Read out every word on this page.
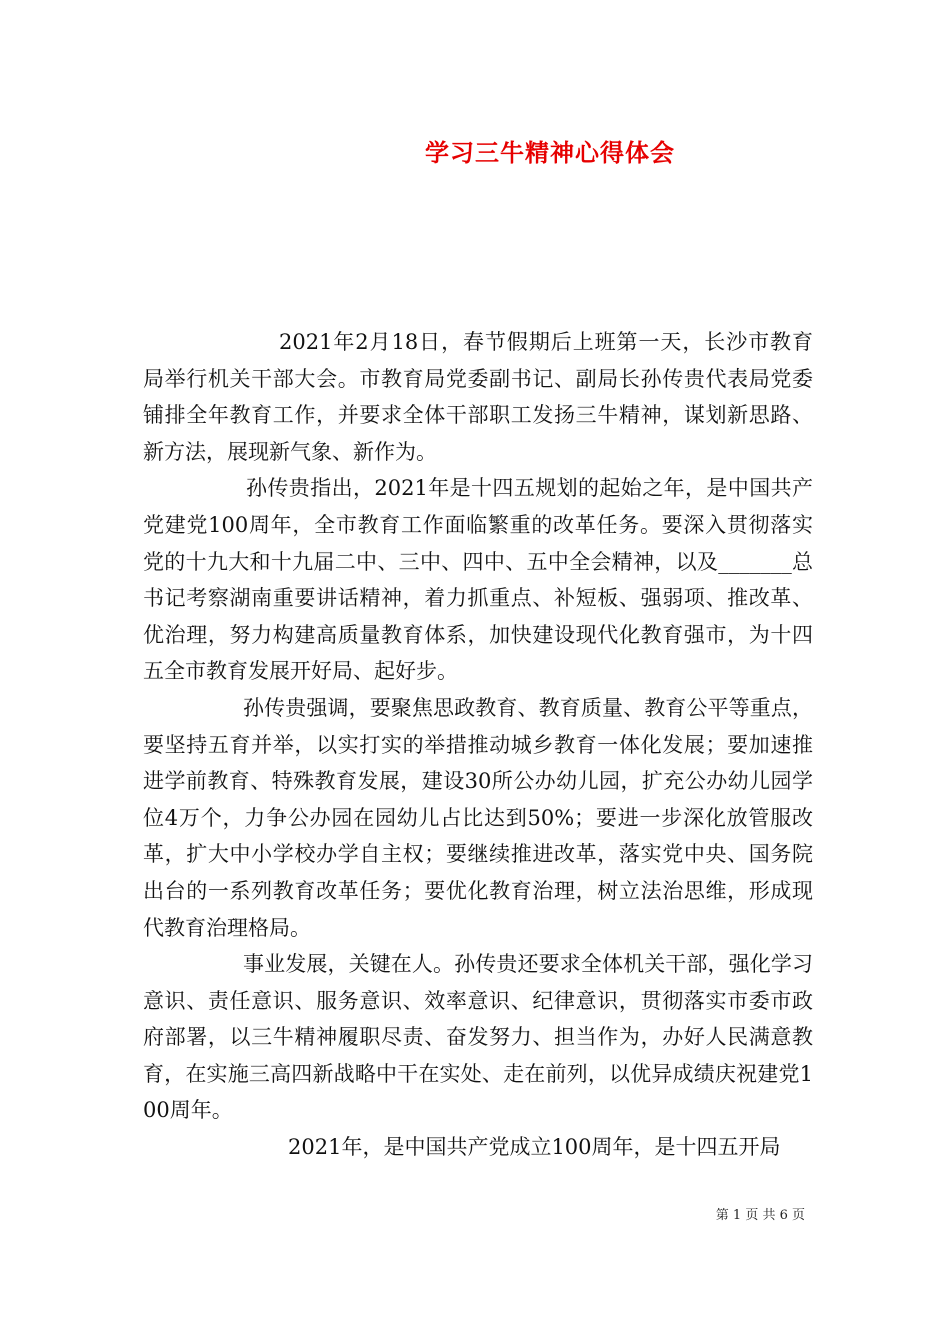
学习三牛精神心得体会

2021年2月18日，春节假期后上班第一天，长沙市教育局举行机关干部大会。市教育局党委副书记、副局长孙传贵代表局党委铺排全年教育工作，并要求全体干部职工发扬三牛精神，谋划新思路、新方法，展现新气象、新作为。

孙传贵指出，2021年是十四五规划的起始之年，是中国共产党建党100周年，全市教育工作面临繁重的改革任务。要深入贯彻落实党的十九大和十九届二中、三中、四中、五中全会精神，以及_______总书记考察湖南重要讲话精神，着力抓重点、补短板、强弱项、推改革、优治理，努力构建高质量教育体系，加快建设现代化教育强市，为十四五全市教育发展开好局、起好步。

孙传贵强调，要聚焦思政教育、教育质量、教育公平等重点，要坚持五育并举，以实打实的举措推动城乡教育一体化发展；要加速推进学前教育、特殊教育发展，建设30所公办幼儿园，扩充公办幼儿园学位4万个，力争公办园在园幼儿占比达到50%；要进一步深化放管服改革，扩大中小学校办学自主权；要继续推进改革，落实党中央、国务院出台的一系列教育改革任务；要优化教育治理，树立法治思维，形成现代教育治理格局。

事业发展，关键在人。孙传贵还要求全体机关干部，强化学习意识、责任意识、服务意识、效率意识、纪律意识，贯彻落实市委市政府部署，以三牛精神履职尽责、奋发努力、担当作为，办好人民满意教育，在实施三高四新战略中干在实处、走在前列，以优异成绩庆祝建党100周年。

2021年，是中国共产党成立100周年，是十四五开局

第 1 页 共 6 页
